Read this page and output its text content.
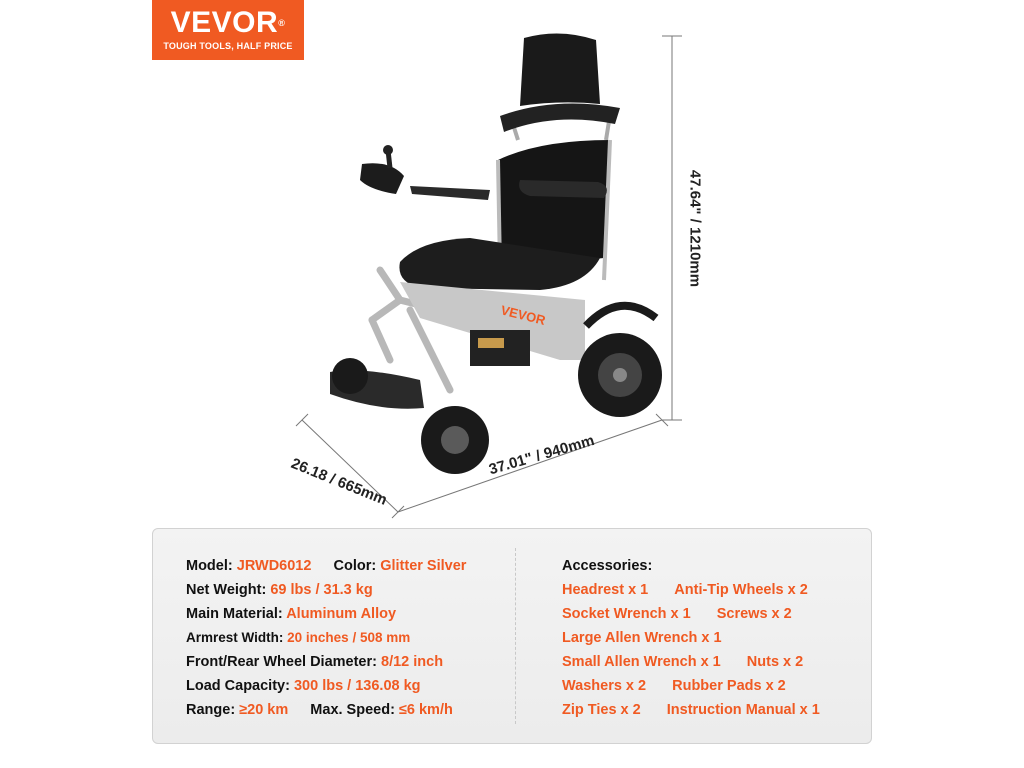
VEVOR®
TOUGH TOOLS, HALF PRICE
VEVOR
47.64" / 1210mm
26.18 / 665mm	37.01" / 940mm
Model: JRWD6012 Color: Glitter Silver
Net Weight: 69 lbs / 31.3 kg
Main Material: Aluminum Alloy
Armrest Width: 20 inches / 508 mm
Front/Rear Wheel Diameter: 8/12 inch
Load Capacity: 300 lbs / 136.08 kg
Range: ≥20 km Max. Speed: ≤6 km/h
Accessories:
Headrest x 1 Anti-Tip Wheels x 2
Socket Wrench x 1 Screws x 2
Large Allen Wrench x 1
Small Allen Wrench x 1 Nuts x 2
Washers x 2 Rubber Pads x 2
Zip Ties x 2 Instruction Manual x 1
